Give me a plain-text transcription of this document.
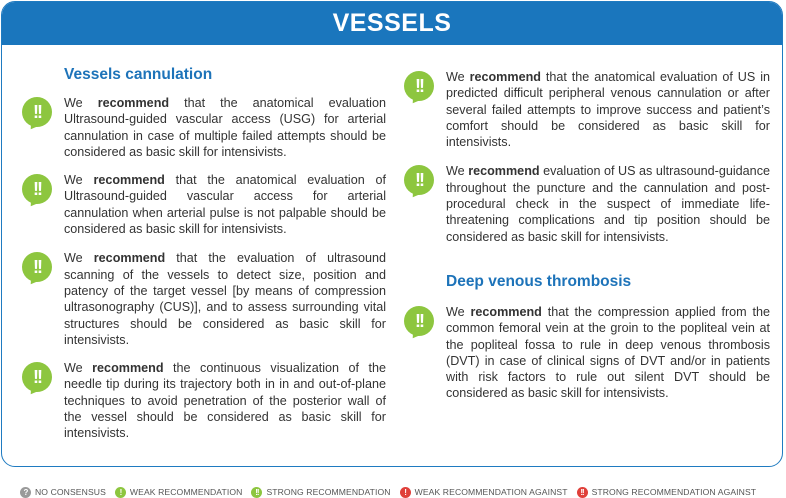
VESSELS
Vessels cannulation

!!	We recommend that the anatomical evaluation Ultrasound-guided vascular access (USG) for arterial cannulation in case of multiple failed attempts should be considered as basic skill for intensivists.

!!	We recommend that the anatomical evaluation of Ultrasound-guided vascular access for arterial cannulation when arterial pulse is not palpable should be considered as basic skill for intensivists.

!!	We recommend that the evaluation of ultrasound scanning of the vessels to detect size, position and patency of the target vessel [by means of compression ultrasonography (CUS)], and to assess surrounding vital structures should be considered as basic skill for intensivists.

!!	We recommend the continuous visualization of the needle tip during its trajectory both in in and out-of-plane techniques to avoid penetration of the posterior wall of the vessel should be considered as basic skill for intensivists.

!!	We recommend that the anatomical evaluation of US in predicted difficult peripheral venous cannulation or after several failed attempts to improve success and patient’s comfort should be considered as basic skill for intensivists.

!!	We recommend evaluation of US as ultrasound-guidance throughout the puncture and the cannulation and post-procedural check in the suspect of immediate life-threatening complications and tip position should be considered as basic skill for intensivists.

Deep venous thrombosis

!!	We recommend that the compression applied from the common femoral vein at the groin to the popliteal vein at the popliteal fossa to rule in deep venous thrombosis (DVT) in case of clinical signs of DVT and/or in patients with risk factors to rule out silent DVT should be considered as basic skill for intensivists.

? NO CONSENSUS	!	WEAK RECOMMENDATION	!! STRONG RECOMMENDATION	!	WEAK RECOMMENDATION AGAINST	!! STRONG RECOMMENDATION AGAINST
